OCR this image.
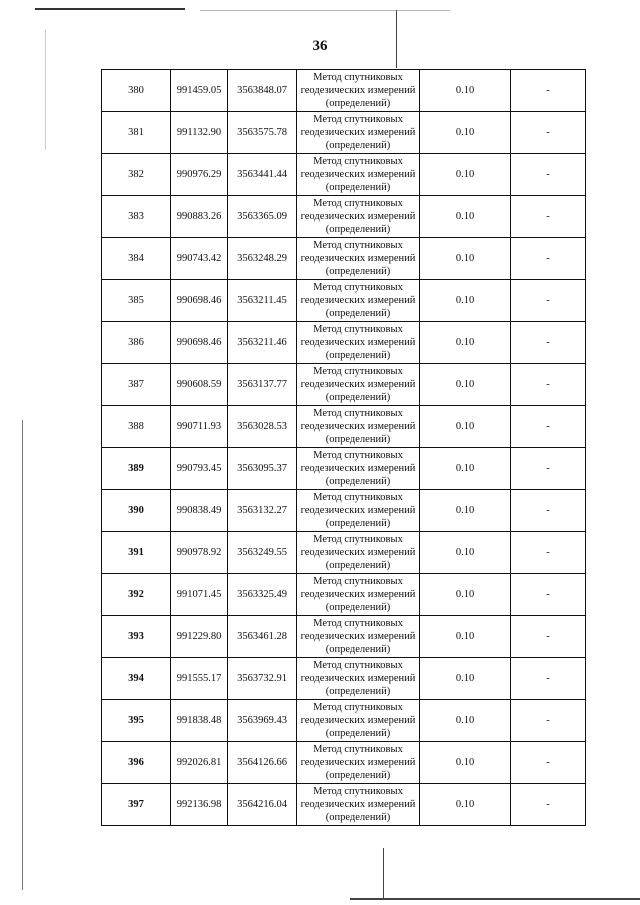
36
380	991459.05	3563848.07	Метод спутниковых
геодезических измерений
(определений)	0.10	-
381	991132.90	3563575.78	Метод спутниковых
геодезических измерений
(определений)	0.10	-
382	990976.29	3563441.44	Метод спутниковых
геодезических измерений
(определений)	0.10	-
383	990883.26	3563365.09	Метод спутниковых
геодезических измерений
(определений)	0.10	-
384	990743.42	3563248.29	Метод спутниковых
геодезических измерений
(определений)	0.10	-
385	990698.46	3563211.45	Метод спутниковых
геодезических измерений
(определений)	0.10	-
386	990698.46	3563211.46	Метод спутниковых
геодезических измерений
(определений)	0.10	-
387	990608.59	3563137.77	Метод спутниковых
геодезических измерений
(определений)	0.10	-
388	990711.93	3563028.53	Метод спутниковых
геодезических измерений
(определений)	0.10	-
389	990793.45	3563095.37	Метод спутниковых
геодезических измерений
(определений)	0.10	-
390	990838.49	3563132.27	Метод спутниковых
геодезических измерений
(определений)	0.10	-
391	990978.92	3563249.55	Метод спутниковых
геодезических измерений
(определений)	0.10	-
392	991071.45	3563325.49	Метод спутниковых
геодезических измерений
(определений)	0.10	-
393	991229.80	3563461.28	Метод спутниковых
геодезических измерений
(определений)	0.10	-
394	991555.17	3563732.91	Метод спутниковых
геодезических измерений
(определений)	0.10	-
395	991838.48	3563969.43	Метод спутниковых
геодезических измерений
(определений)	0.10	-
396	992026.81	3564126.66	Метод спутниковых
геодезических измерений
(определений)	0.10	-
397	992136.98	3564216.04	Метод спутниковых
геодезических измерений
(определений)	0.10	-
